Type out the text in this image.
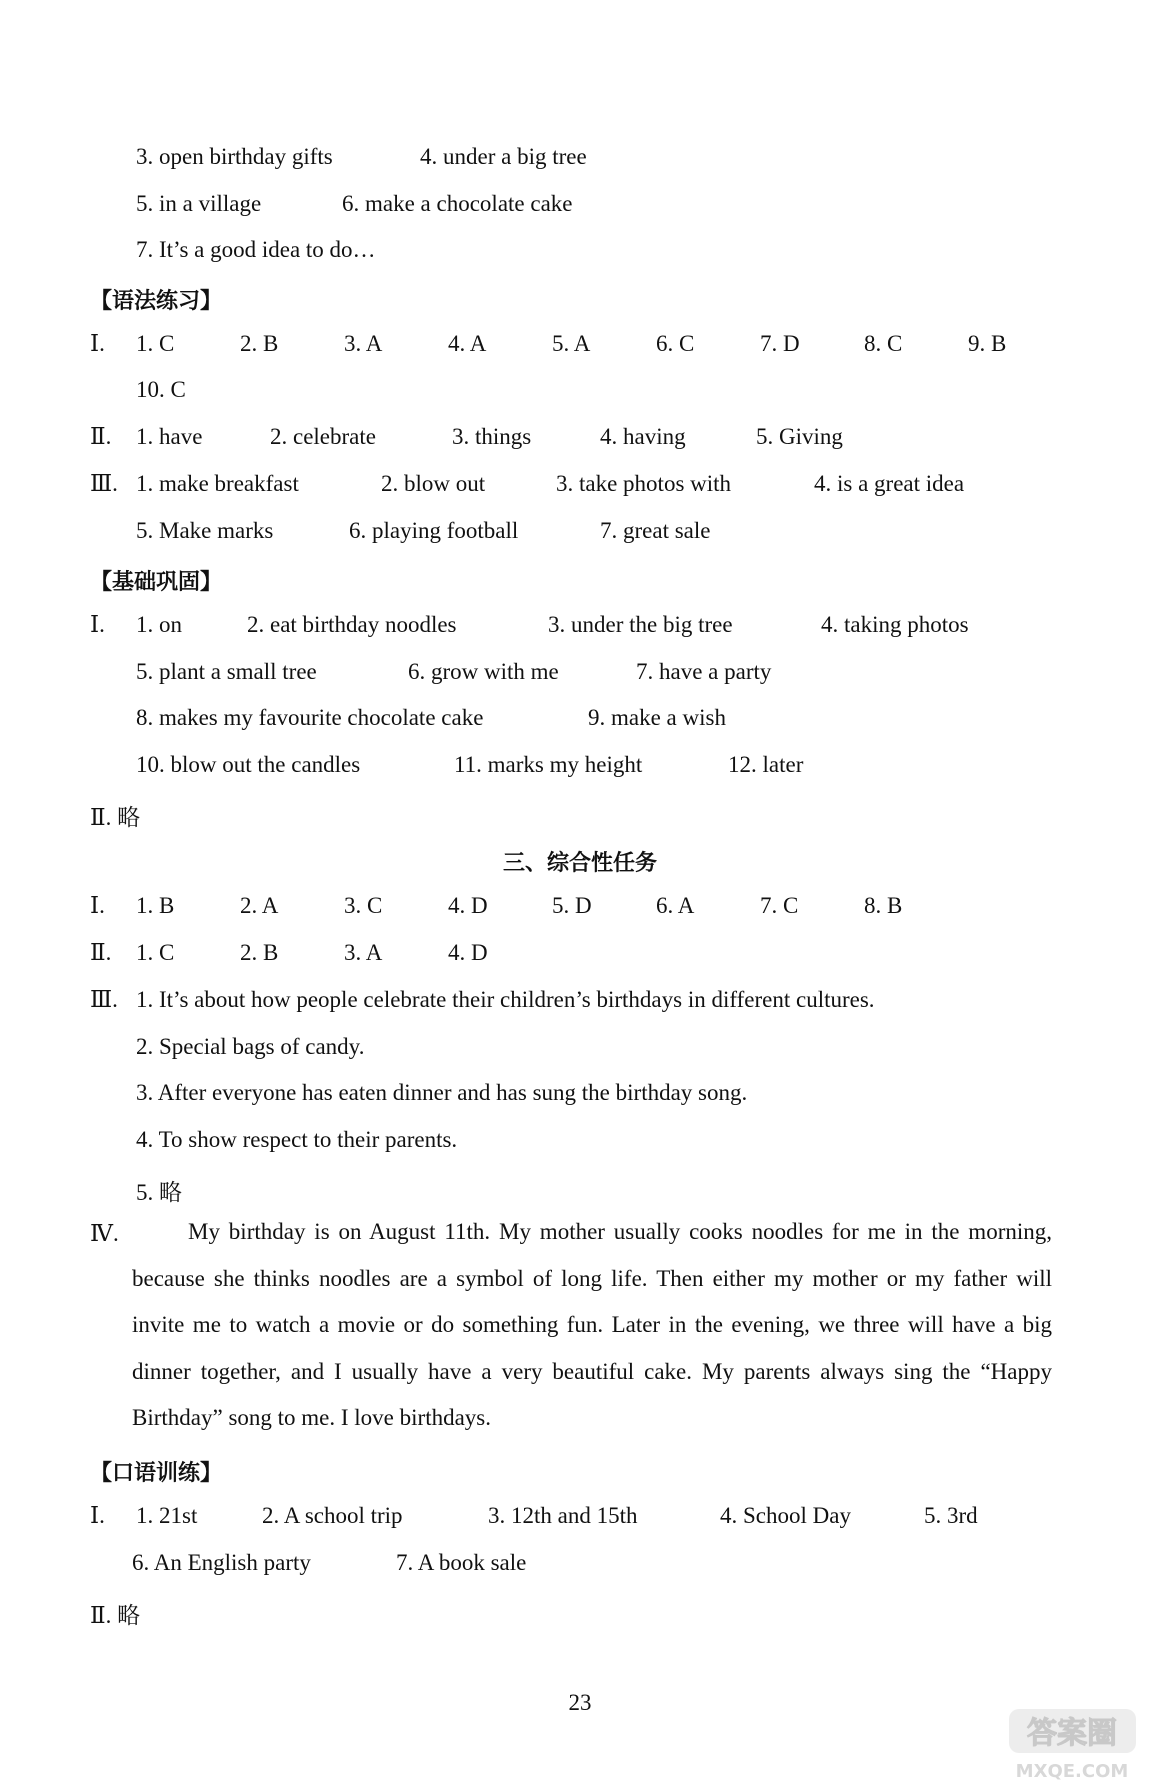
3. open birthday gifts	4. under a big tree
5. in a village	6. make a chocolate cake
7. It’s a good idea to do…
【语法练习】
Ⅰ. 1. C	2. B	3. A	4. A	5. A	6. C	7. D	8. C	9. B
10. C
Ⅱ. 1. have	2. celebrate	3. things	4. having	5. Giving
Ⅲ. 1. make breakfast	2. blow out	3. take photos with	4. is a great idea
5. Make marks	6. playing football	7. great sale
【基础巩固】
Ⅰ. 1. on	2. eat birthday noodles	3. under the big tree	4. taking photos
5. plant a small tree	6. grow with me	7. have a party
8. makes my favourite chocolate cake	9. make a wish
10. blow out the candles	11. marks my height	12. later
Ⅱ. 略
三、综合性任务
Ⅰ. 1. B	2. A	3. C	4. D	5. D	6. A	7. C	8. B
Ⅱ. 1. C	2. B	3. A	4. D
Ⅲ. 1. It’s about how people celebrate their children’s birthdays in different cultures.
2. Special bags of candy.
3. After everyone has eaten dinner and has sung the birthday song.
4. To show respect to their parents.
5. 略
Ⅳ.	My birthday is on August 11th. My mother usually cooks noodles for me in the morning, because she thinks noodles are a symbol of long life. Then either my mother or my father will invite me to watch a movie or do something fun. Later in the evening, we three will have a big dinner together, and I usually have a very beautiful cake. My parents always sing the “Happy Birthday” song to me. I love birthdays.
【口语训练】
Ⅰ. 1. 21st	2. A school trip	3. 12th and 15th	4. School Day	5. 3rd
6. An English party	7. A book sale
Ⅱ. 略
23
答案圈
MXQE.COM
